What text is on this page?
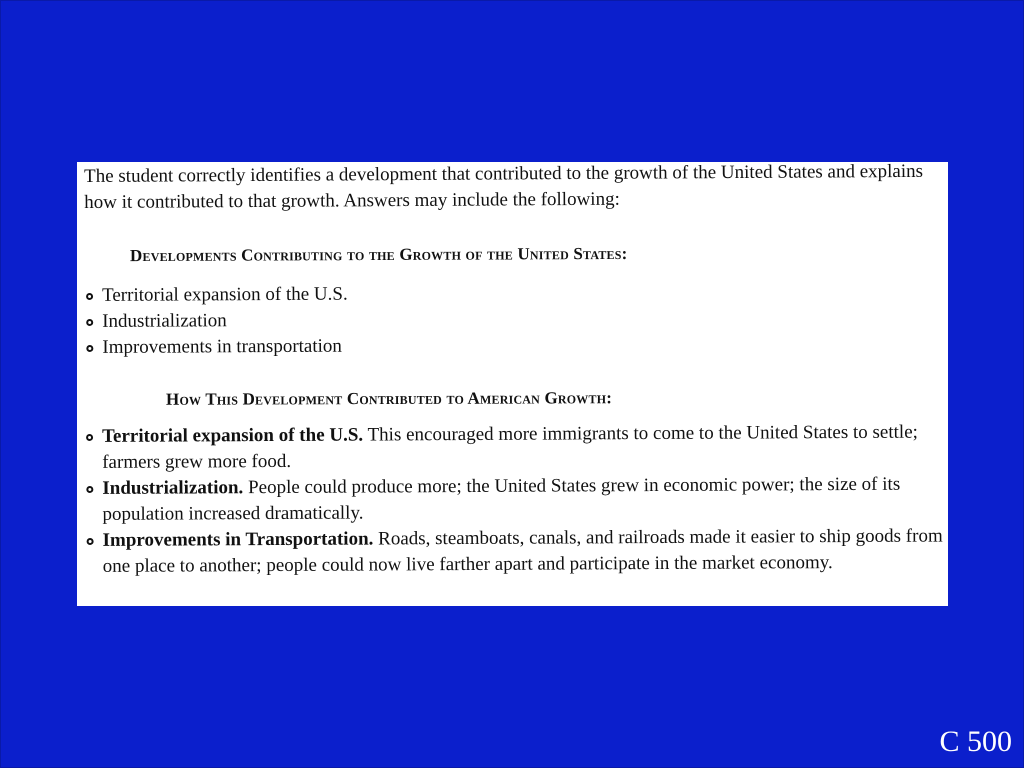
The student correctly identifies a development that contributed to the growth of the United States and explains how it contributed to that growth. Answers may include the following:
Developments Contributing to the Growth of the United States:
Territorial expansion of the U.S.
Industrialization
Improvements in transportation
How This Development Contributed to American Growth:
Territorial expansion of the U.S. This encouraged more immigrants to come to the United States to settle; farmers grew more food.
Industrialization. People could produce more; the United States grew in economic power; the size of its population increased dramatically.
Improvements in Transportation. Roads, steamboats, canals, and railroads made it easier to ship goods from one place to another; people could now live farther apart and participate in the market economy.
C 500
